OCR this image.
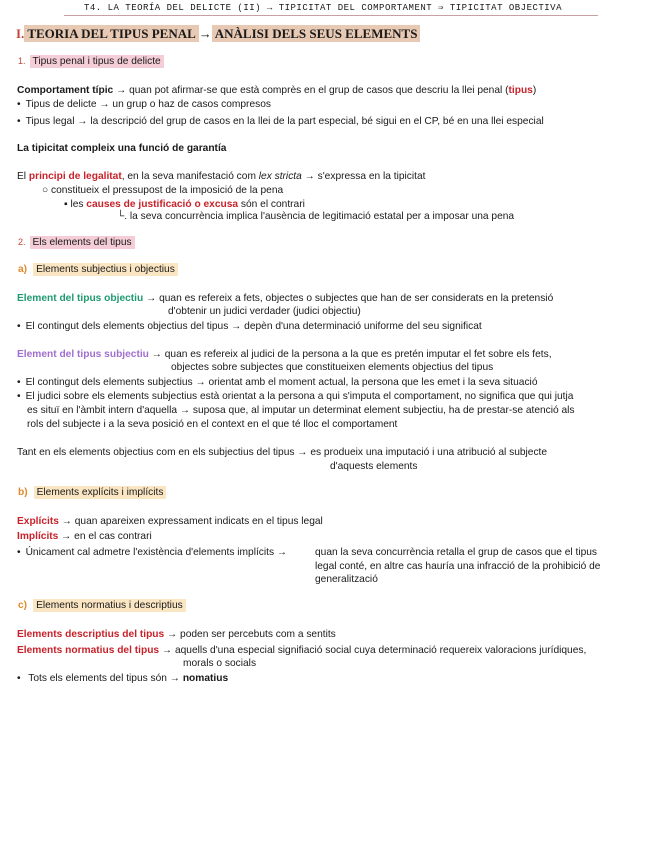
T4. LA TEORÍA DEL DELICTE (II) → TIPICITAT DEL COMPORTAMENT ⇒ TIPICITAT OBJECTIVA
I. TEORIA DEL TIPUS PENAL → ANÀLISI DELS SEUS ELEMENTS
1. Tipus penal i tipus de delicte
Comportament típic → quan pot afirmar-se que està comprès en el grup de casos que descriu la llei penal (tipus)
• Tipus de delicte → un grup o haz de casos compresos
• Tipus legal → la descripció del grup de casos en la llei de la part especial, bé sigui en el CP, bé en una llei especial
La tipicitat compleix una funció de garantía
El principi de legalitat, en la seva manifestació com lex stricta → s'expressa en la tipicitat
○ constitueix el pressupost de la imposició de la pena
▪ les causes de justificació o excusa són el contrari
└. la seva concurrència implica l'ausència de legitimació estatal per a imposar una pena
2. Els elements del tipus
a) Elements subjectius i objectius
Element del tipus objectiu → quan es refereix a fets, objectes o subjectes que han de ser considerats en la pretensió
d'obtenir un judici verdader (judici objectiu)
• El contingut dels elements objectius del tipus → depèn d'una determinació uniforme del seu significat
Element del tipus subjectiu → quan es refereix al judici de la persona a la que es pretén imputar el fet sobre els fets,
objectes sobre subjectes que constitueixen elements objectius del tipus
• El contingut dels elements subjectius → orientat amb el moment actual, la persona que les emet i la seva situació
• El judici sobre els elements subjectius està orientat a la persona a qui s'imputa el comportament, no significa que qui jutja
es situï en l'àmbit intern d'aquella → suposa que, al imputar un determinat element subjectiu, ha de prestar-se atenció als
rols del subjecte i a la seva posició en el context en el que té lloc el comportament
Tant en els elements objectius com en els subjectius del tipus → es produeix una imputació i una atribució al subjecte
d'aquests elements
b) Elements explícits i implícits
Explícits → quan apareixen expressament indicats en el tipus legal
Implícits → en el cas contrari
• Únicament cal admetre l'existència d'elements implícits →	quan la seva concurrència retalla el grup de casos que el tipus
legal conté, en altre cas hauría una infracció de la prohibició de
generalització
c) Elements normatius i descriptius
Elements descriptius del tipus → poden ser percebuts com a sentits
Elements normatius del tipus → aquells d'una especial signifiació social cuya determinació requereix valoracions jurídiques,
morals o socials
• Tots els elements del tipus són → nomatius
